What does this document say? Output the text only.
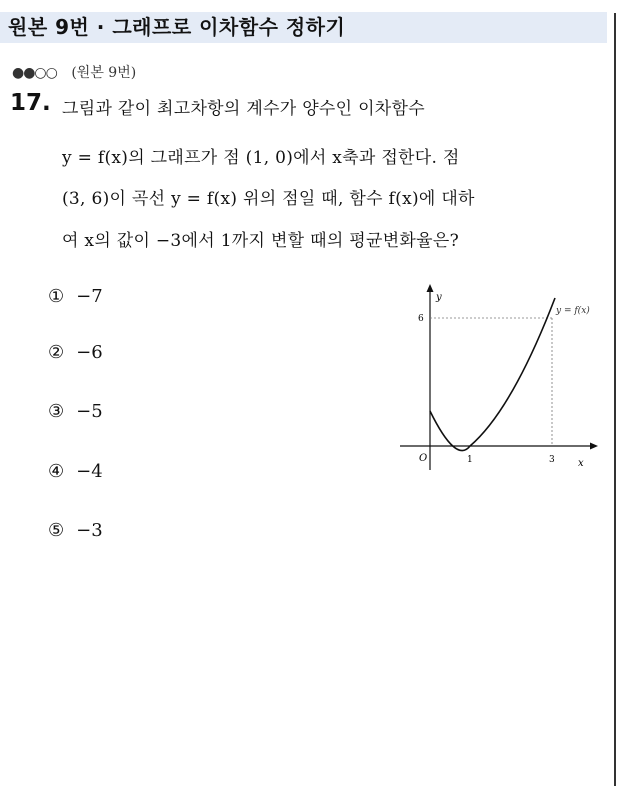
원본 9번 · 그래프로 이차함수 정하기
●●○○ (원본 9번)
17. 그림과 같이 최고차항의 계수가 양수인 이차함수
y = f(x)의 그래프가 점 (1, 0)에서 x축과 접한다. 점
(3, 6)이 곡선 y = f(x) 위의 점일 때, 함수 f(x)에 대하
여 x의 값이 −3에서 1까지 변할 때의 평균변화율은?
① −7
② −6
③ −5
④ −4
⑤ −3
y
x
O	1	3
6
y = f(x)
